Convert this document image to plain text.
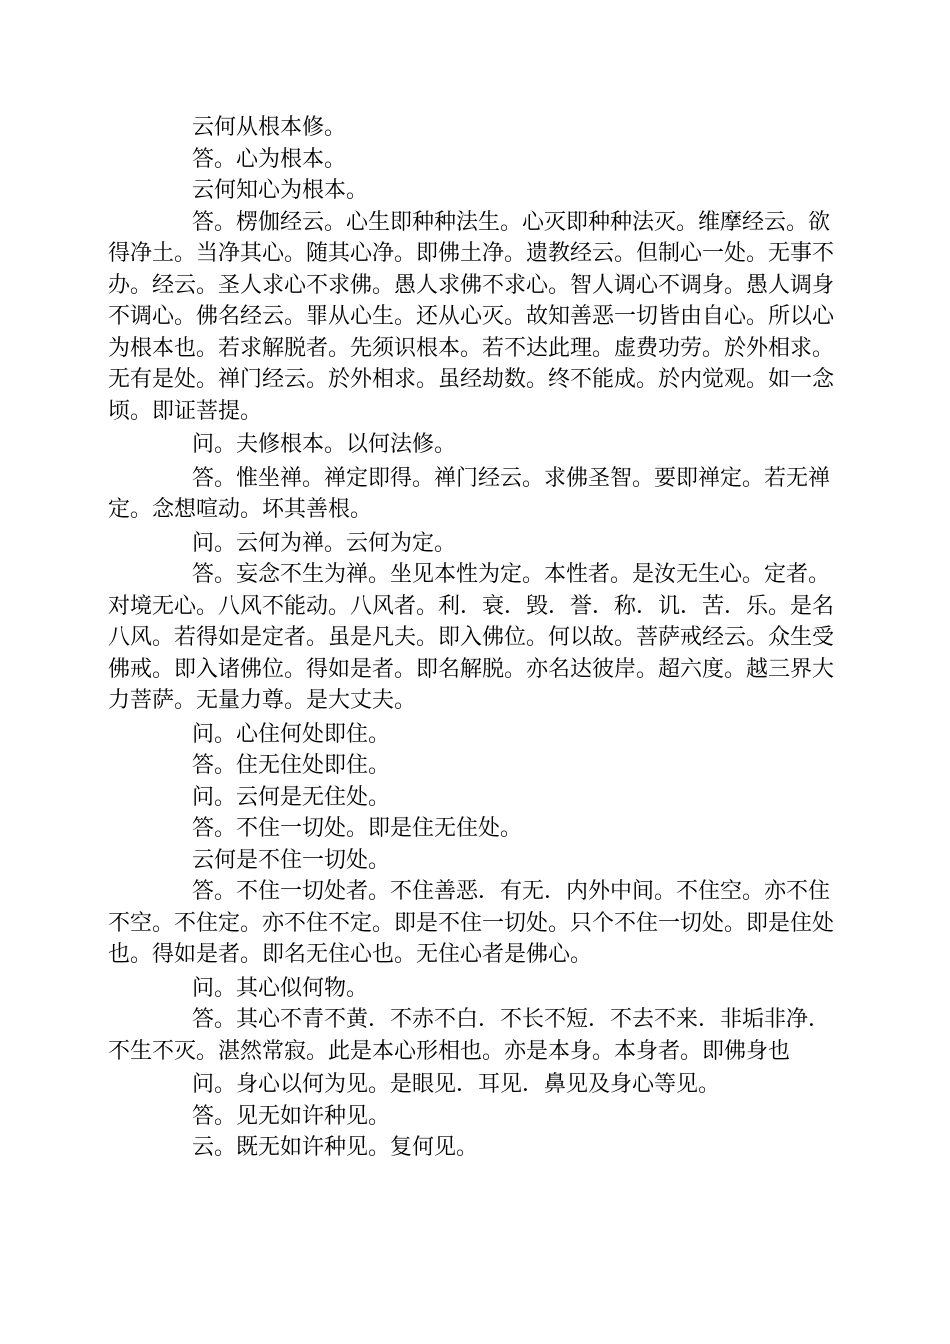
云何从根本修。

答。心为根本。

云何知心为根本。

答。楞伽经云。心生即种种法生。心灭即种种法灭。维摩经云。欲得净土。当净其心。随其心净。即佛土净。遗教经云。但制心一处。无事不办。经云。圣人求心不求佛。愚人求佛不求心。智人调心不调身。愚人调身不调心。佛名经云。罪从心生。还从心灭。故知善恶一切皆由自心。所以心为根本也。若求解脱者。先须识根本。若不达此理。虚费功劳。於外相求。无有是处。禅门经云。於外相求。虽经劫数。终不能成。於内觉观。如一念顷。即证菩提。

问。夫修根本。以何法修。

答。惟坐禅。禅定即得。禅门经云。求佛圣智。要即禅定。若无禅定。念想喧动。坏其善根。

问。云何为禅。云何为定。

答。妄念不生为禅。坐见本性为定。本性者。是汝无生心。定者。对境无心。八风不能动。八风者。利．衰．毁．誉．称．讥．苦．乐。是名八风。若得如是定者。虽是凡夫。即入佛位。何以故。菩萨戒经云。众生受佛戒。即入诸佛位。得如是者。即名解脱。亦名达彼岸。超六度。越三界大力菩萨。无量力尊。是大丈夫。

问。心住何处即住。

答。住无住处即住。

问。云何是无住处。

答。不住一切处。即是住无住处。

云何是不住一切处。

答。不住一切处者。不住善恶．有无．内外中间。不住空。亦不住不空。不住定。亦不住不定。即是不住一切处。只个不住一切处。即是住处也。得如是者。即名无住心也。无住心者是佛心。

问。其心似何物。

答。其心不青不黄．不赤不白．不长不短．不去不来．非垢非净．不生不灭。湛然常寂。此是本心形相也。亦是本身。本身者。即佛身也

问。身心以何为见。是眼见．耳见．鼻见及身心等见。

答。见无如许种见。

云。既无如许种见。复何见。
